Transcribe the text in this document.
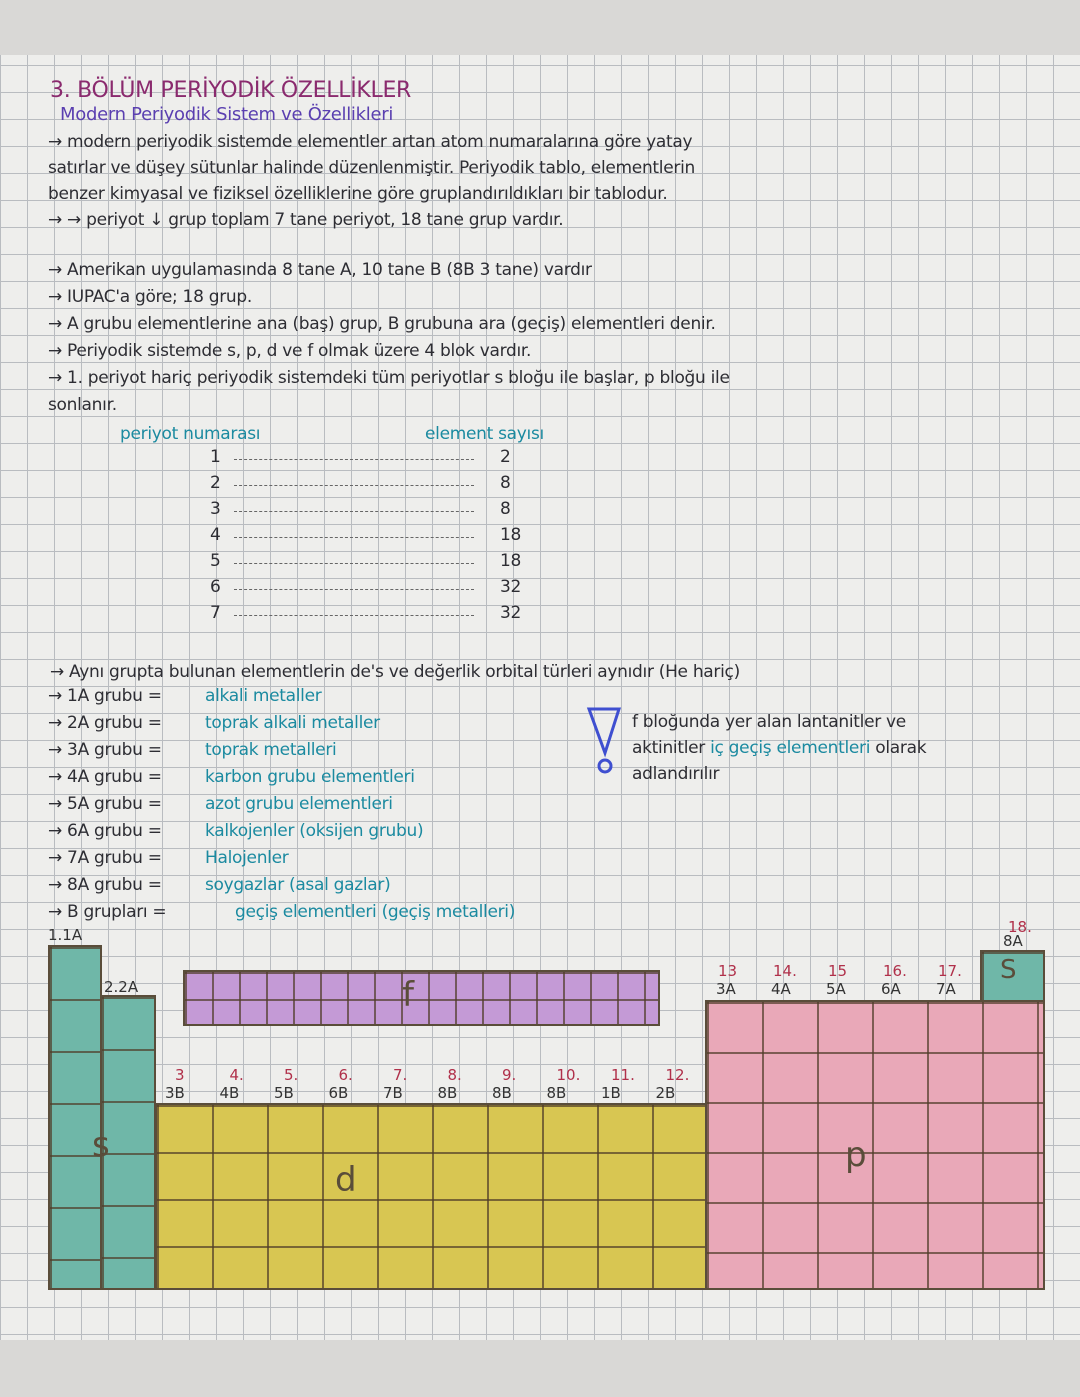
3. BÖLÜM PERİYODİK ÖZELLİKLER
Modern Periyodik Sistem ve Özellikleri
→ modern periyodik sistemde elementler artan atom numaralarına göre yatay
satırlar ve düşey sütunlar halinde düzenlenmiştir. Periyodik tablo, elementlerin
benzer kimyasal ve fiziksel özelliklerine göre gruplandırıldıkları bir tablodur.
→ → periyot ↓ grup toplam 7 tane periyot, 18 tane grup vardır.
→ Amerikan uygulamasında 8 tane A, 10 tane B (8B 3 tane) vardır
→ IUPAC'a göre; 18 grup.
→ A grubu elementlerine ana (baş) grup, B grubuna ara (geçiş) elementleri denir.
→ Periyodik sistemde s, p, d ve f olmak üzere 4 blok vardır.
→ 1. periyot hariç periyodik sistemdeki tüm periyotlar s bloğu ile başlar, p bloğu ile
sonlanır.
periyot numarası	element sayısı
1	2
2	8
3	8
4	18
5	18
6	32
7	32
→ Aynı grupta bulunan elementlerin de's ve değerlik orbital türleri aynıdır (He hariç)
→ 1A grubu =	alkali metaller
→ 2A grubu =	toprak alkali metaller
→ 3A grubu =	toprak metalleri
→ 4A grubu =	karbon grubu elementleri
→ 5A grubu =	azot grubu elementleri
→ 6A grubu =	kalkojenler (oksijen grubu)
→ 7A grubu =	Halojenler
→ 8A grubu =	soygazlar (asal gazlar)
→ B grupları =	geçiş elementleri (geçiş metalleri)
f bloğunda yer alan lantanitler ve
aktinitler iç geçiş elementleri olarak
adlandırılır
1.1A
2.2A
18.
8A
13
3A
14.
4A
15
5A
16.
6A
17.
7A
3
3B
4.
4B
5.
5B
6.
6B
7.
7B
8.
8B
9.
8B
10.
8B
11.
1B
12.
2B
s
S
d
p
f
